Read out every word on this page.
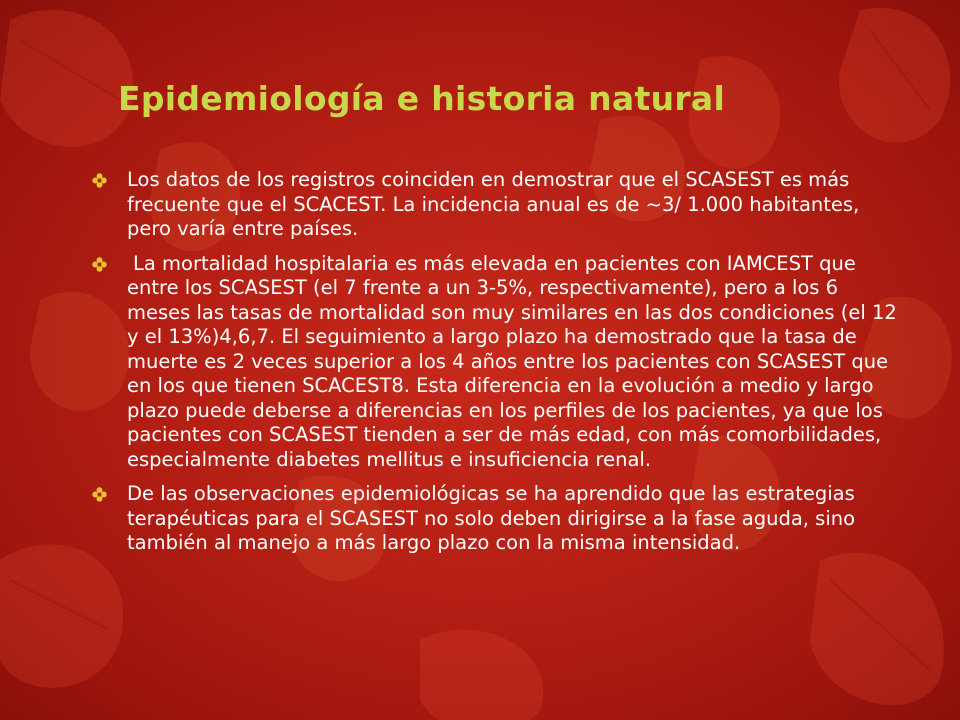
Epidemiología e historia natural

Los datos de los registros coinciden en demostrar que el SCASEST es más frecuente que el SCACEST. La incidencia anual es de ~3/ 1.000 habitantes, pero varía entre países.

La mortalidad hospitalaria es más elevada en pacientes con IAMCEST que entre los SCASEST (el 7 frente a un 3-5%, respectivamente), pero a los 6 meses las tasas de mortalidad son muy similares en las dos condiciones (el 12 y el 13%)4,6,7. El seguimiento a largo plazo ha demostrado que la tasa de muerte es 2 veces superior a los 4 años entre los pacientes con SCASEST que en los que tienen SCACEST8. Esta diferencia en la evolución a medio y largo plazo puede deberse a diferencias en los perfiles de los pacientes, ya que los pacientes con SCASEST tienden a ser de más edad, con más comorbilidades, especialmente diabetes mellitus e insuficiencia renal.

De las observaciones epidemiológicas se ha aprendido que las estrategias terapéuticas para el SCASEST no solo deben dirigirse a la fase aguda, sino también al manejo a más largo plazo con la misma intensidad.
